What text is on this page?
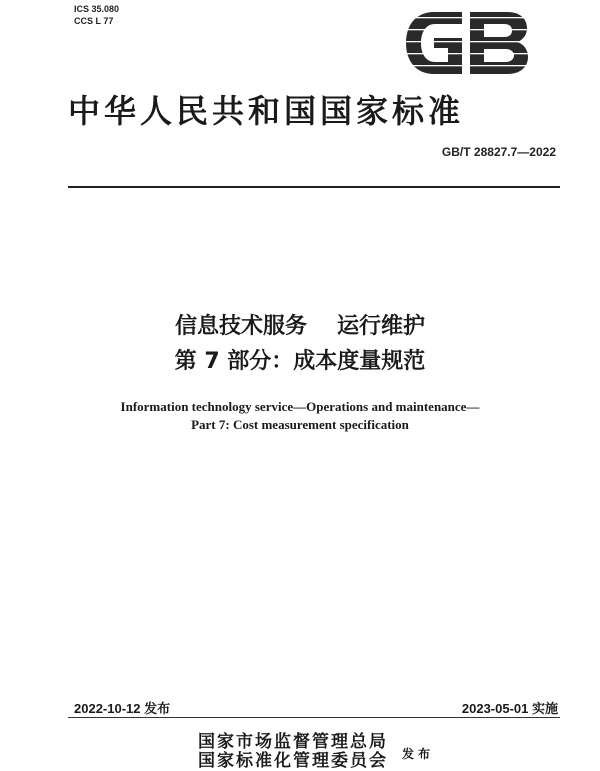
ICS 35.080
CCS L 77
中华人民共和国国家标准
GB/T 28827.7—2022
信息技术服务 运行维护
第 7 部分：成本度量规范
Information technology service—Operations and maintenance—
Part 7: Cost measurement specification
2022-10-12 发布	2023-05-01 实施
国家市场监督管理总局
国家标准化管理委员会 发布
